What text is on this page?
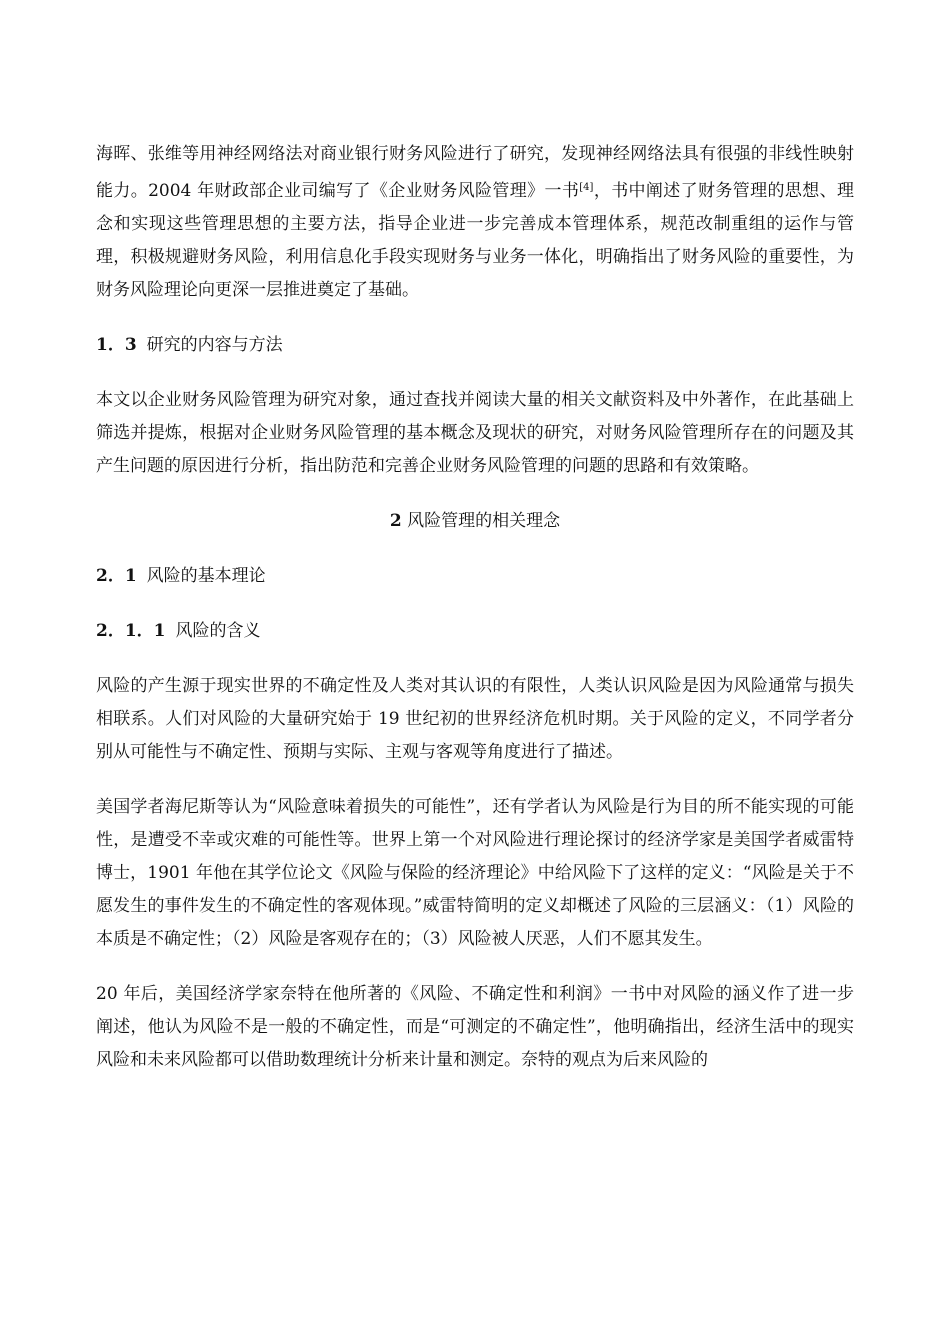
海晖、张维等用神经网络法对商业银行财务风险进行了研究，发现神经网络法具有很强的非线性映射能力。2004 年财政部企业司编写了《企业财务风险管理》一书[4]，书中阐述了财务管理的思想、理念和实现这些管理思想的主要方法，指导企业进一步完善成本管理体系，规范改制重组的运作与管理，积极规避财务风险，利用信息化手段实现财务与业务一体化，明确指出了财务风险的重要性，为财务风险理论向更深一层推进奠定了基础。

1．3 研究的内容与方法

本文以企业财务风险管理为研究对象，通过查找并阅读大量的相关文献资料及中外著作，在此基础上筛选并提炼，根据对企业财务风险管理的基本概念及现状的研究，对财务风险管理所存在的问题及其产生问题的原因进行分析，指出防范和完善企业财务风险管理的问题的思路和有效策略。

2 风险管理的相关理念
2．1 风险的基本理论
2．1．1 风险的含义

风险的产生源于现实世界的不确定性及人类对其认识的有限性，人类认识风险是因为风险通常与损失相联系。人们对风险的大量研究始于 19 世纪初的世界经济危机时期。关于风险的定义，不同学者分别从可能性与不确定性、预期与实际、主观与客观等角度进行了描述。

美国学者海尼斯等认为“风险意味着损失的可能性”，还有学者认为风险是行为目的所不能实现的可能性，是遭受不幸或灾难的可能性等。世界上第一个对风险进行理论探讨的经济学家是美国学者威雷特博士，1901 年他在其学位论文《风险与保险的经济理论》中给风险下了这样的定义：“风险是关于不愿发生的事件发生的不确定性的客观体现。”威雷特简明的定义却概述了风险的三层涵义：（1）风险的本质是不确定性；（2）风险是客观存在的；（3）风险被人厌恶，人们不愿其发生。

20 年后，美国经济学家奈特在他所著的《风险、不确定性和利润》一书中对风险的涵义作了进一步阐述，他认为风险不是一般的不确定性，而是“可测定的不确定性”，他明确指出，经济生活中的现实风险和未来风险都可以借助数理统计分析来计量和测定。奈特的观点为后来风险的
